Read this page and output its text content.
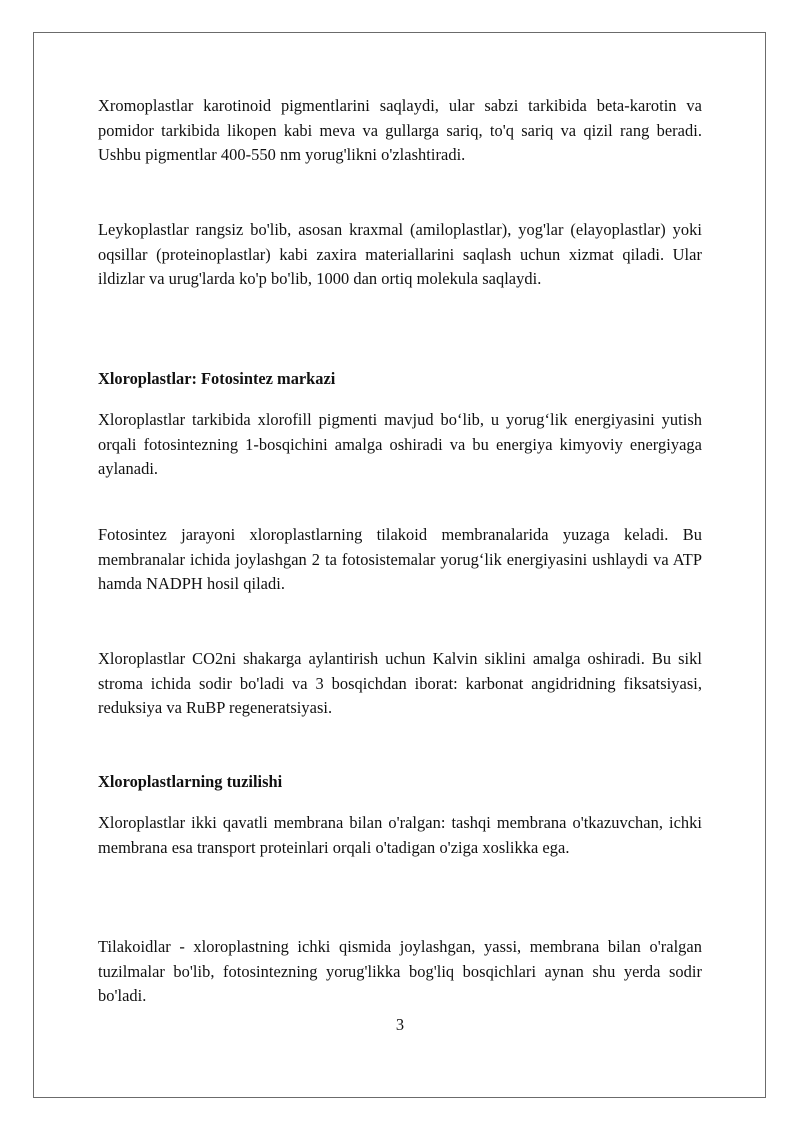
Xromoplastlar karotinoid pigmentlarini saqlaydi, ular sabzi tarkibida beta-karotin va pomidor tarkibida likopen kabi meva va gullarga sariq, to'q sariq va qizil rang beradi. Ushbu pigmentlar 400-550 nm yorug'likni o'zlashtiradi.

Leykoplastlar rangsiz bo'lib, asosan kraxmal (amiloplastlar), yog'lar (elayoplastlar) yoki oqsillar (proteinoplastlar) kabi zaxira materiallarini saqlash uchun xizmat qiladi. Ular ildizlar va urug'larda ko'p bo'lib, 1000 dan ortiq molekula saqlaydi.

Xloroplastlar: Fotosintez markazi

Xloroplastlar tarkibida xlorofill pigmenti mavjud bo‘lib, u yorug‘lik energiyasini yutish orqali fotosintezning 1-bosqichini amalga oshiradi va bu energiya kimyoviy energiyaga aylanadi.

Fotosintez jarayoni xloroplastlarning tilakoid membranalarida yuzaga keladi. Bu membranalar ichida joylashgan 2 ta fotosistemalar yorug‘lik energiyasini ushlaydi va ATP hamda NADPH hosil qiladi.

Xloroplastlar CO2ni shakarga aylantirish uchun Kalvin siklini amalga oshiradi. Bu sikl stroma ichida sodir bo'ladi va 3 bosqichdan iborat: karbonat angidridning fiksatsiyasi, reduksiya va RuBP regeneratsiyasi.

Xloroplastlarning tuzilishi

Xloroplastlar ikki qavatli membrana bilan o'ralgan: tashqi membrana o'tkazuvchan, ichki membrana esa transport proteinlari orqali o'tadigan o'ziga xoslikka ega.

Tilakoidlar - xloroplastning ichki qismida joylashgan, yassi, membrana bilan o'ralgan tuzilmalar bo'lib, fotosintezning yorug'likka bog'liq bosqichlari aynan shu yerda sodir bo'ladi.

3
